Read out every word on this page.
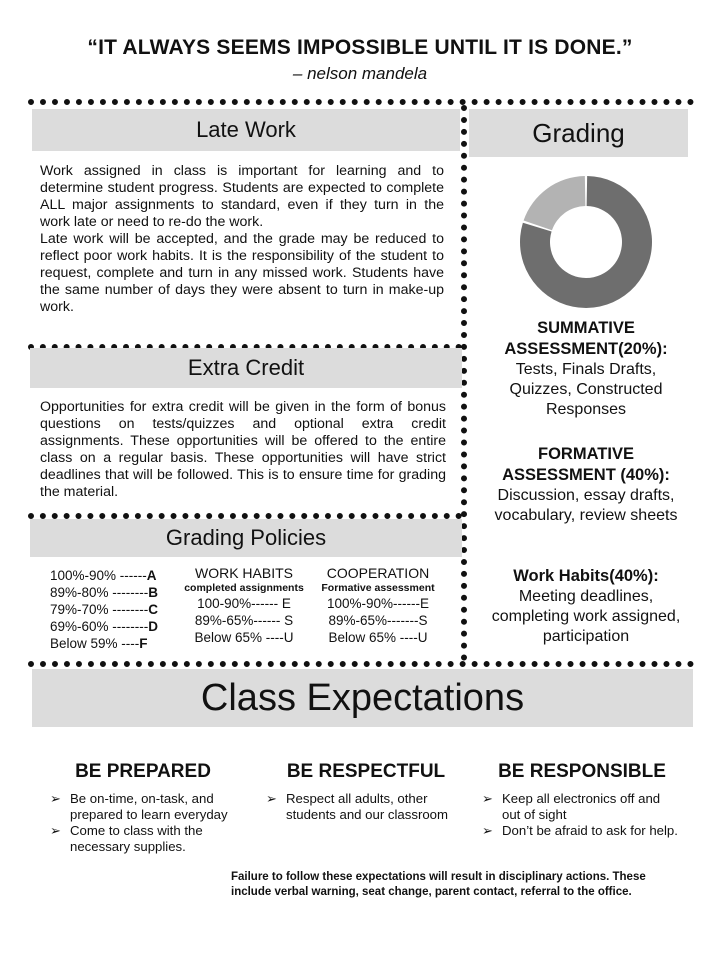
“IT ALWAYS SEEMS IMPOSSIBLE UNTIL IT IS DONE.”
– nelson mandela
Late Work

Work assigned in class is important for learning and to determine student progress. Students are expected to complete ALL major assignments to standard, even if they turn in the work late or need to re-do the work.

Late work will be accepted, and the grade may be reduced to reflect poor work habits. It is the responsibility of the student to request, complete and turn in any missed work. Students have the same number of days they were absent to turn in make-up work.

Extra Credit
Opportunities for extra credit will be given in the form of bonus questions on tests/quizzes and optional extra credit assignments. These opportunities will be offered to the entire class on a regular basis. These opportunities will have strict deadlines that will be followed. This is to ensure time for grading the material.
Grading Policies
100%-90% ------A
89%-80% --------B
79%-70% --------C
69%-60% --------D
Below 59% ----F
WORK HABITS
completed assignments
100-90%------ E
89%-65%------ S
Below 65% ----U
COOPERATION
Formative assessment
100%-90%------E
89%-65%-------S
Below 65% ----U
Grading
SUMMATIVE ASSESSMENT(20%):
Tests, Finals Drafts, Quizzes, Constructed Responses
FORMATIVE ASSESSMENT (40%):
Discussion, essay drafts, vocabulary, review sheets
Work Habits(40%):
Meeting deadlines, completing work assigned, participation
Class Expectations
BE PREPARED
➢ Be on-time, on-task, and prepared to learn everyday
➢ Come to class with the necessary supplies.
BE RESPECTFUL
➢ Respect all adults, other students and our classroom
BE RESPONSIBLE
➢ Keep all electronics off and out of sight
➢ Don’t be afraid to ask for help.
Failure to follow these expectations will result in disciplinary actions. These include verbal warning, seat change, parent contact, referral to the office.
